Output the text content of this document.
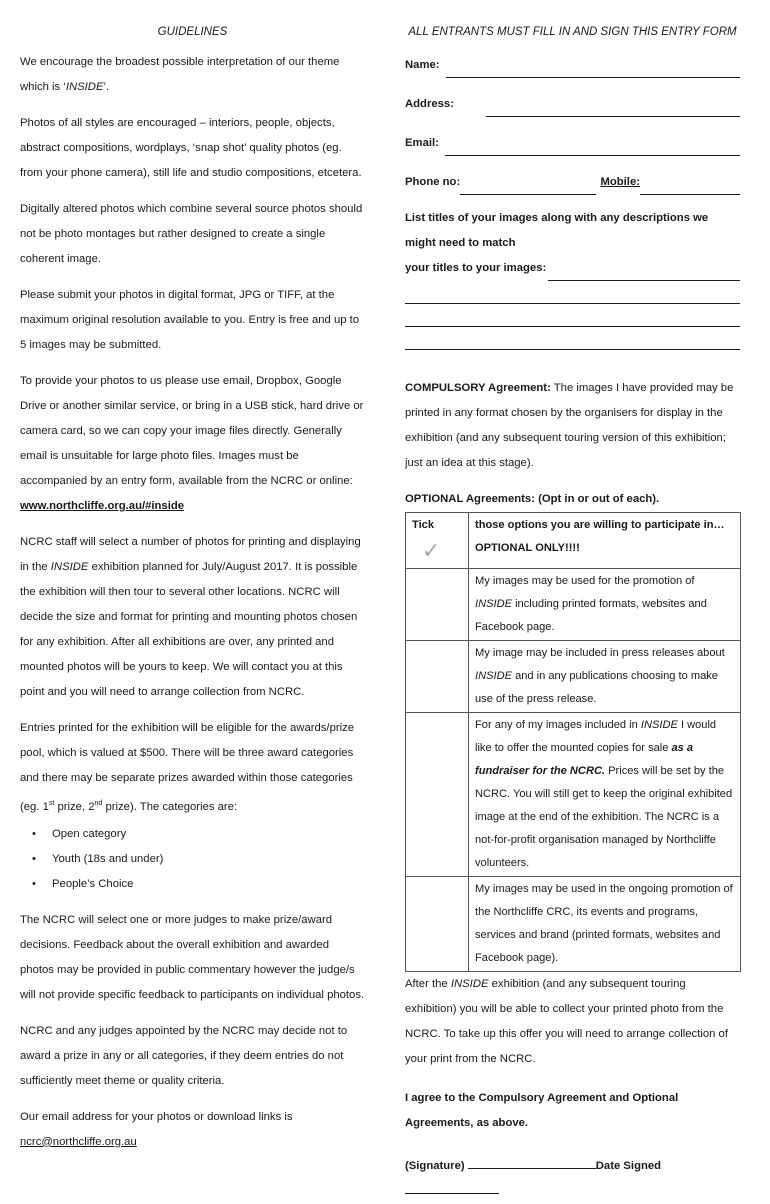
GUIDELINES

We encourage the broadest possible interpretation of our theme which is ‘INSIDE’.

Photos of all styles are encouraged – interiors, people, objects, abstract compositions, wordplays, ‘snap shot’ quality photos (eg. from your phone camera), still life and studio compositions, etcetera.

Digitally altered photos which combine several source photos should not be photo montages but rather designed to create a single coherent image.

Please submit your photos in digital format, JPG or TIFF, at the maximum original resolution available to you. Entry is free and up to 5 images may be submitted.

To provide your photos to us please use email, Dropbox, Google Drive or another similar service, or bring in a USB stick, hard drive or camera card, so we can copy your image files directly. Generally email is unsuitable for large photo files. Images must be accompanied by an entry form, available from the NCRC or online: www.northcliffe.org.au/#inside

NCRC staff will select a number of photos for printing and displaying in the INSIDE exhibition planned for July/August 2017. It is possible the exhibition will then tour to several other locations. NCRC will decide the size and format for printing and mounting photos chosen for any exhibition. After all exhibitions are over, any printed and mounted photos will be yours to keep. We will contact you at this point and you will need to arrange collection from NCRC.

Entries printed for the exhibition will be eligible for the awards/prize pool, which is valued at $500. There will be three award categories and there may be separate prizes awarded within those categories (eg. 1st prize, 2nd prize). The categories are:

• Open category
• Youth (18s and under)
• People’s Choice

The NCRC will select one or more judges to make prize/award decisions. Feedback about the overall exhibition and awarded photos may be provided in public commentary however the judge/s will not provide specific feedback to participants on individual photos.

NCRC and any judges appointed by the NCRC may decide not to award a prize in any or all categories, if they deem entries do not sufficiently meet theme or quality criteria.

Our email address for your photos or download links is ncrc@northcliffe.org.au

ALL ENTRANTS MUST FILL IN AND SIGN THIS ENTRY FORM
Name:
Address:
Email:
Phone no:	Mobile:
List titles of your images along with any descriptions we might need to match
your titles to your images:

COMPULSORY Agreement: The images I have provided may be printed in any format chosen by the organisers for display in the exhibition (and any subsequent touring version of this exhibition; just an idea at this stage).

OPTIONAL Agreements: (Opt in or out of each).
Tick
✓	those options you are willing to participate in… OPTIONAL ONLY!!!!
	My images may be used for the promotion of INSIDE including printed formats, websites and Facebook page.
	My image may be included in press releases about INSIDE and in any publications choosing to make use of the press release.
	For any of my images included in INSIDE I would like to offer the mounted copies for sale as a fundraiser for the NCRC. Prices will be set by the NCRC. You will still get to keep the original exhibited image at the end of the exhibition. The NCRC is a not-for-profit organisation managed by Northcliffe volunteers.
	My images may be used in the ongoing promotion of the Northcliffe CRC, its events and programs, services and brand (printed formats, websites and Facebook page).

After the INSIDE exhibition (and any subsequent touring exhibition) you will be able to collect your printed photo from the NCRC. To take up this offer you will need to arrange collection of your print from the NCRC.

I agree to the Compulsory Agreement and Optional Agreements, as above.

(Signature)	Date Signed
